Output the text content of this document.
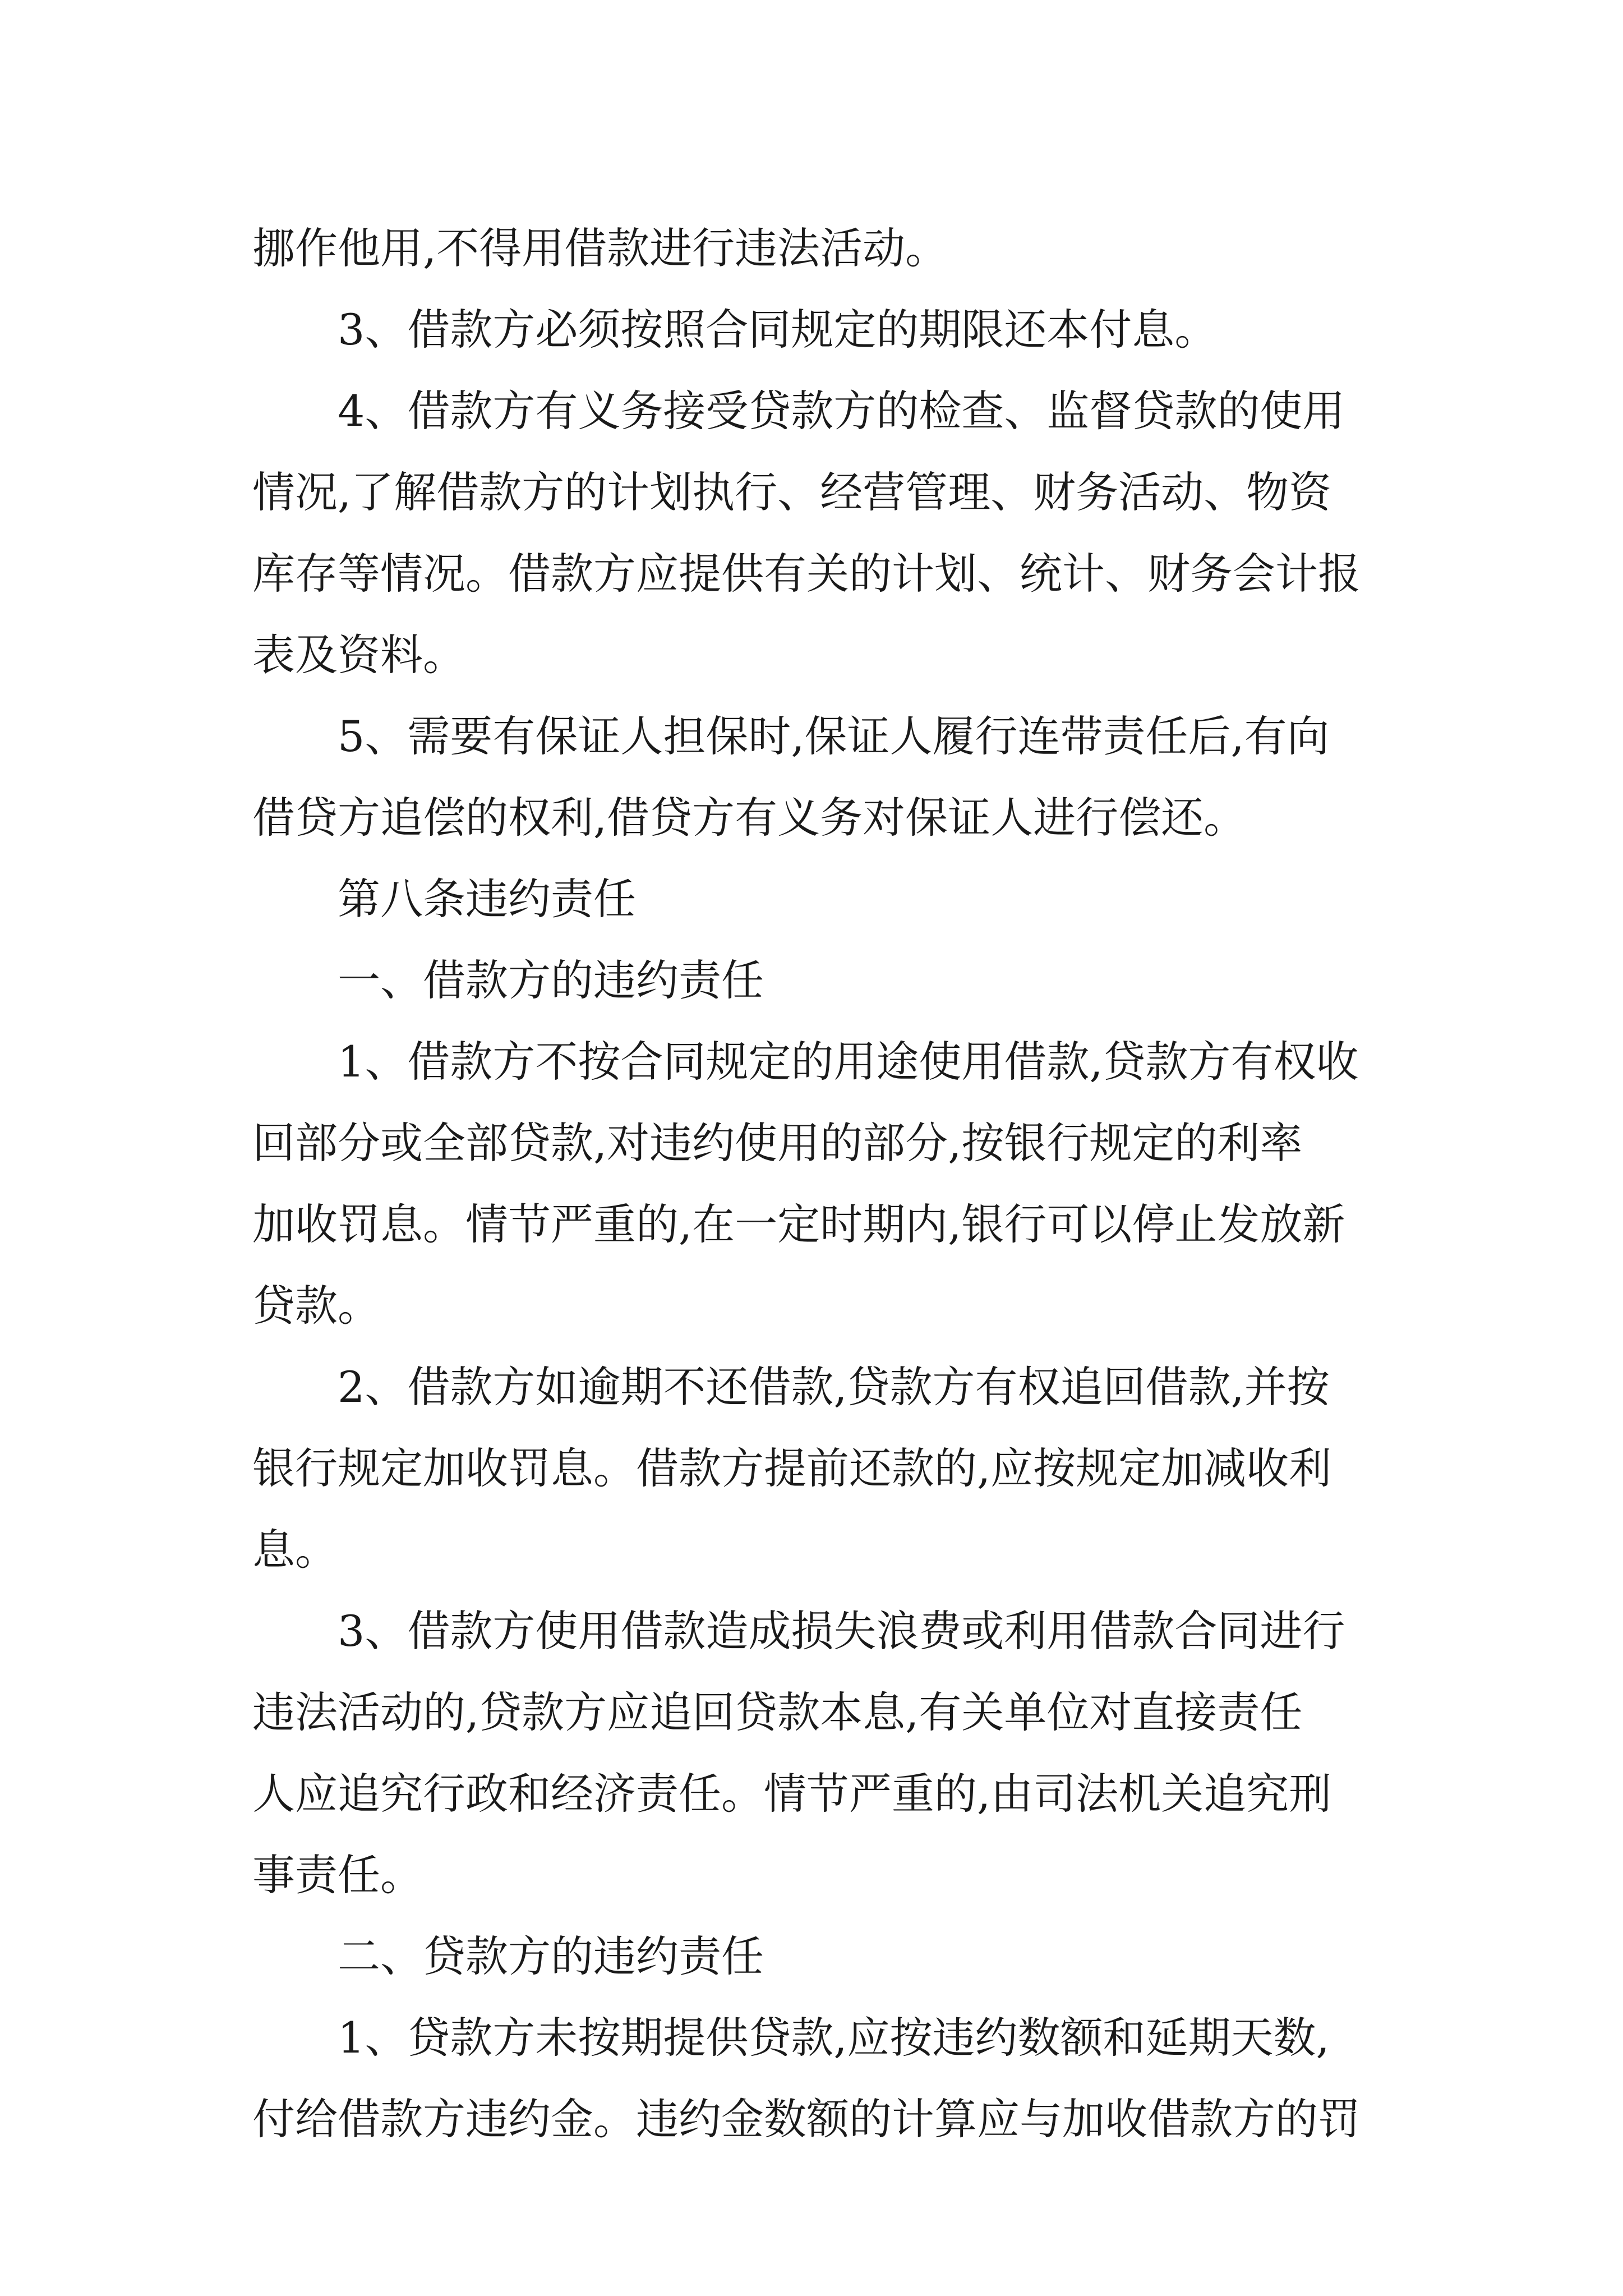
挪作他用,不得用借款进行违法活动。
3、借款方必须按照合同规定的期限还本付息。
4、借款方有义务接受贷款方的检查、监督贷款的使用
情况,了解借款方的计划执行、经营管理、财务活动、物资
库存等情况。借款方应提供有关的计划、统计、财务会计报
表及资料。
5、需要有保证人担保时,保证人履行连带责任后,有向
借贷方追偿的权利,借贷方有义务对保证人进行偿还。
第八条违约责任
一、借款方的违约责任
1、借款方不按合同规定的用途使用借款,贷款方有权收
回部分或全部贷款,对违约使用的部分,按银行规定的利率
加收罚息。情节严重的,在一定时期内,银行可以停止发放新
贷款。
2、借款方如逾期不还借款,贷款方有权追回借款,并按
银行规定加收罚息。借款方提前还款的,应按规定加减收利
息。
3、借款方使用借款造成损失浪费或利用借款合同进行
违法活动的,贷款方应追回贷款本息,有关单位对直接责任
人应追究行政和经济责任。情节严重的,由司法机关追究刑
事责任。
二、贷款方的违约责任
1、贷款方未按期提供贷款,应按违约数额和延期天数,
付给借款方违约金。违约金数额的计算应与加收借款方的罚
